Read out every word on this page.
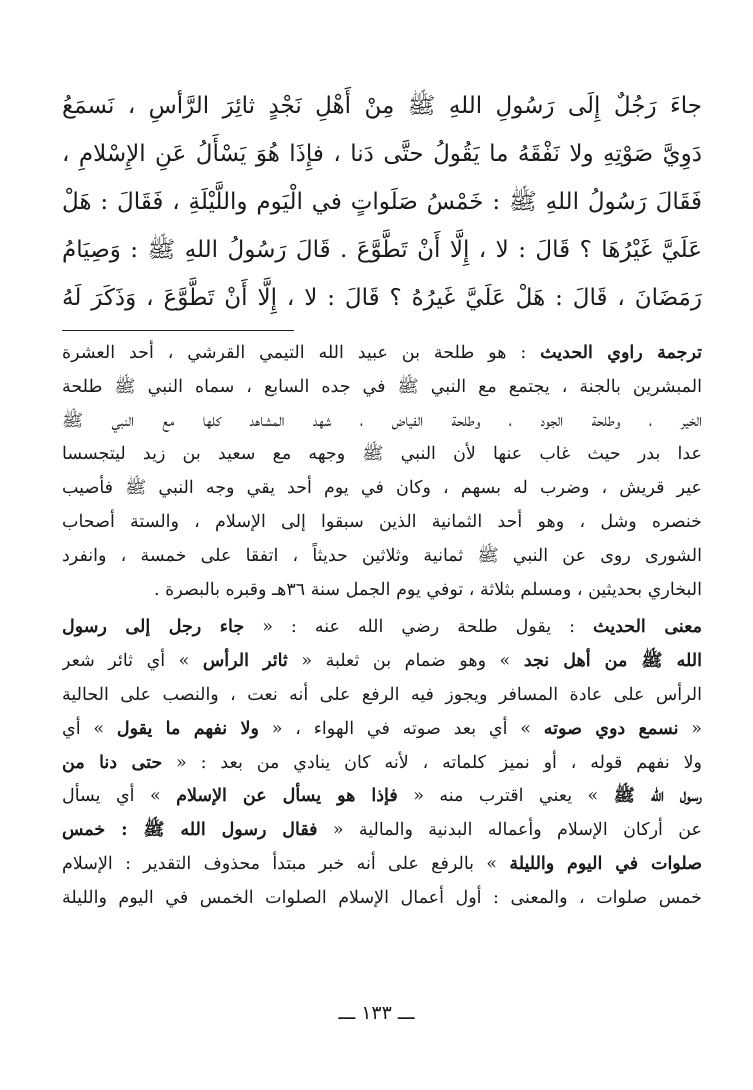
جاءَ رَجُلٌ إِلَى رَسُولِ اللهِ ﷺ مِنْ أَهْلِ نَجْدٍ ثائِرَ الرَّأسِ ، نَسمَعُ
دَوِيَّ صَوْتِهِ ولا نَفْقَهُ ما يَقُولُ حتَّى دَنا ، فإِذَا هُوَ يَسْأَلُ عَنِ الإِسْلامِ ،
فَقَالَ رَسُولُ اللهِ ﷺ : خَمْسُ صَلَواتٍ في الْيَوم واللَّيْلَةِ ، فَقَالَ : هَلْ
عَلَيَّ غَيْرُهَا ؟ قَالَ : لا ، إِلَّا أَنْ تَطَّوَّعَ . قَالَ رَسُولُ اللهِ ﷺ : وَصِيَامُ
رَمَضَانَ ، قَالَ : هَلْ عَلَيَّ غَيرُهُ ؟ قَالَ : لا ، إِلَّا أَنْ تَطَّوَّعَ ، وَذَكَرَ لَهُ
ترجمة راوي الحديث : هو طلحة بن عبيد الله التيمي القرشي ، أحد العشرة
المبشرين بالجنة ، يجتمع مع النبي ﷺ في جده السابع ، سماه النبي ﷺ طلحة
الخير ، وطلحة الجود ، وطلحة الفياض ، شهد المشاهد كلها مع النبي ﷺ
عدا بدر حيث غاب عنها لأن النبي ﷺ وجهه مع سعيد بن زيد ليتجسسا
عير قريش ، وضرب له بسهم ، وكان في يوم أحد يقي وجه النبي ﷺ فأصيب
خنصره وشل ، وهو أحد الثمانية الذين سبقوا إلى الإسلام ، والستة أصحاب
الشورى روى عن النبي ﷺ ثمانية وثلاثين حديثاً ، اتفقا على خمسة ، وانفرد
البخاري بحديثين ، ومسلم بثلاثة ، توفي يوم الجمل سنة ٣٦هـ وقبره بالبصرة .
معنى الحديث : يقول طلحة رضي الله عنه : « جاء رجل إلى رسول
الله ﷺ من أهل نجد » وهو ضمام بن ثعلبة « ثائر الرأس » أي ثائر شعر
الرأس على عادة المسافر ويجوز فيه الرفع على أنه نعت ، والنصب على الحالية
« نسمع دوي صوته » أي بعد صوته في الهواء ، « ولا نفهم ما يقول » أي
ولا نفهم قوله ، أو نميز كلماته ، لأنه كان ينادي من بعد : « حتى دنا من
رسول الله ﷺ » يعني اقترب منه « فإذا هو يسأل عن الإسلام » أي يسأل
عن أركان الإسلام وأعماله البدنية والمالية « فقال رسول الله ﷺ : خمس
صلوات في اليوم والليلة » بالرفع على أنه خبر مبتدأ محذوف التقدير : الإسلام
خمس صلوات ، والمعنى : أول أعمال الإسلام الصلوات الخمس في اليوم والليلة
ـــ ١٣٣ ـــ
